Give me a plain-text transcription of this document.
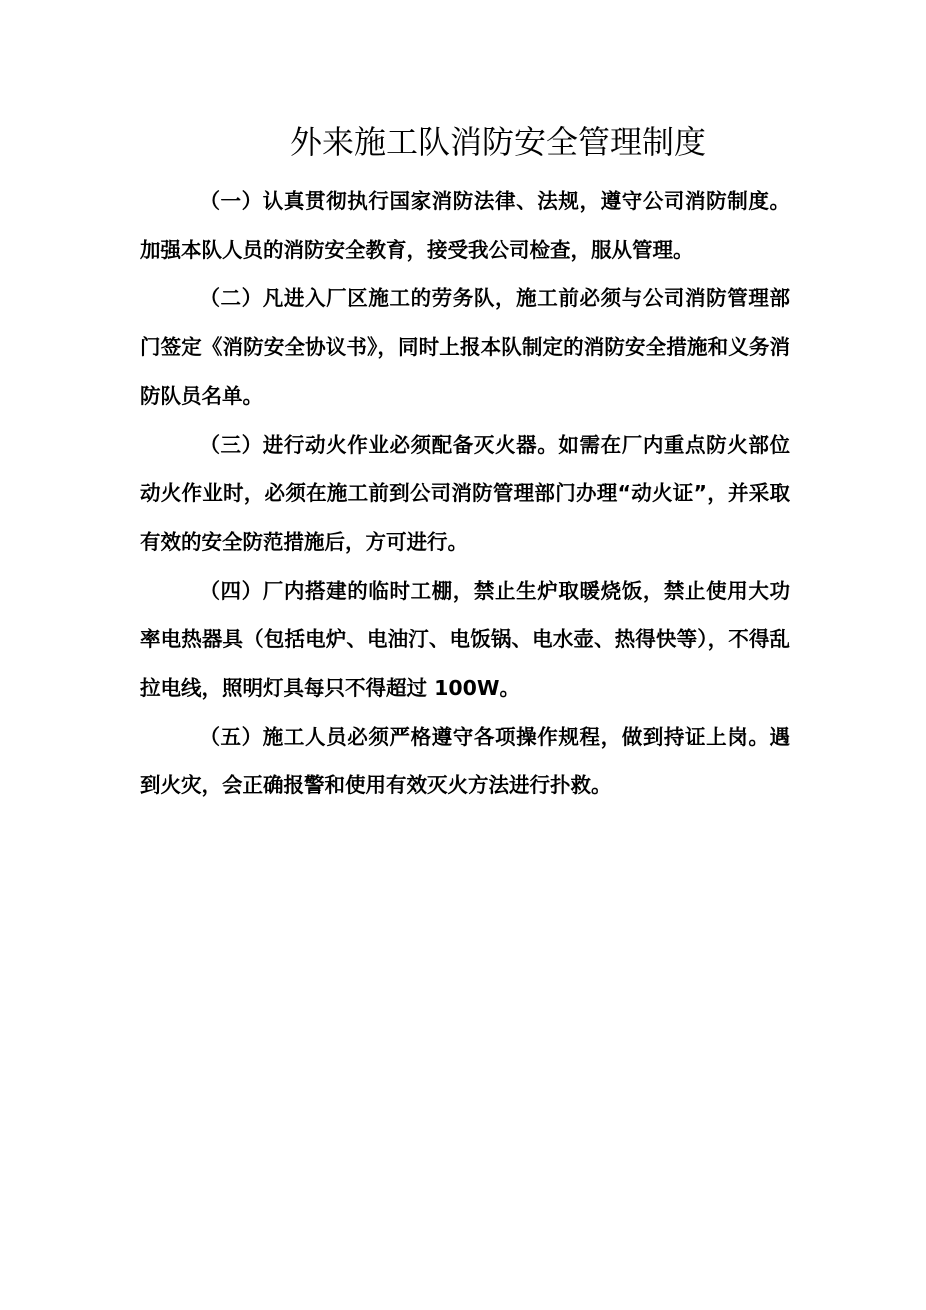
外来施工队消防安全管理制度

（一）认真贯彻执行国家消防法律、法规，遵守公司消防制度。加强本队人员的消防安全教育，接受我公司检查，服从管理。

（二）凡进入厂区施工的劳务队，施工前必须与公司消防管理部门签定《消防安全协议书》，同时上报本队制定的消防安全措施和义务消防队员名单。

（三）进行动火作业必须配备灭火器。如需在厂内重点防火部位动火作业时，必须在施工前到公司消防管理部门办理“动火证”，并采取有效的安全防范措施后，方可进行。

（四）厂内搭建的临时工棚，禁止生炉取暖烧饭，禁止使用大功率电热器具（包括电炉、电油汀、电饭锅、电水壶、热得快等），不得乱拉电线，照明灯具每只不得超过 100W。

（五）施工人员必须严格遵守各项操作规程，做到持证上岗。遇到火灾，会正确报警和使用有效灭火方法进行扑救。
